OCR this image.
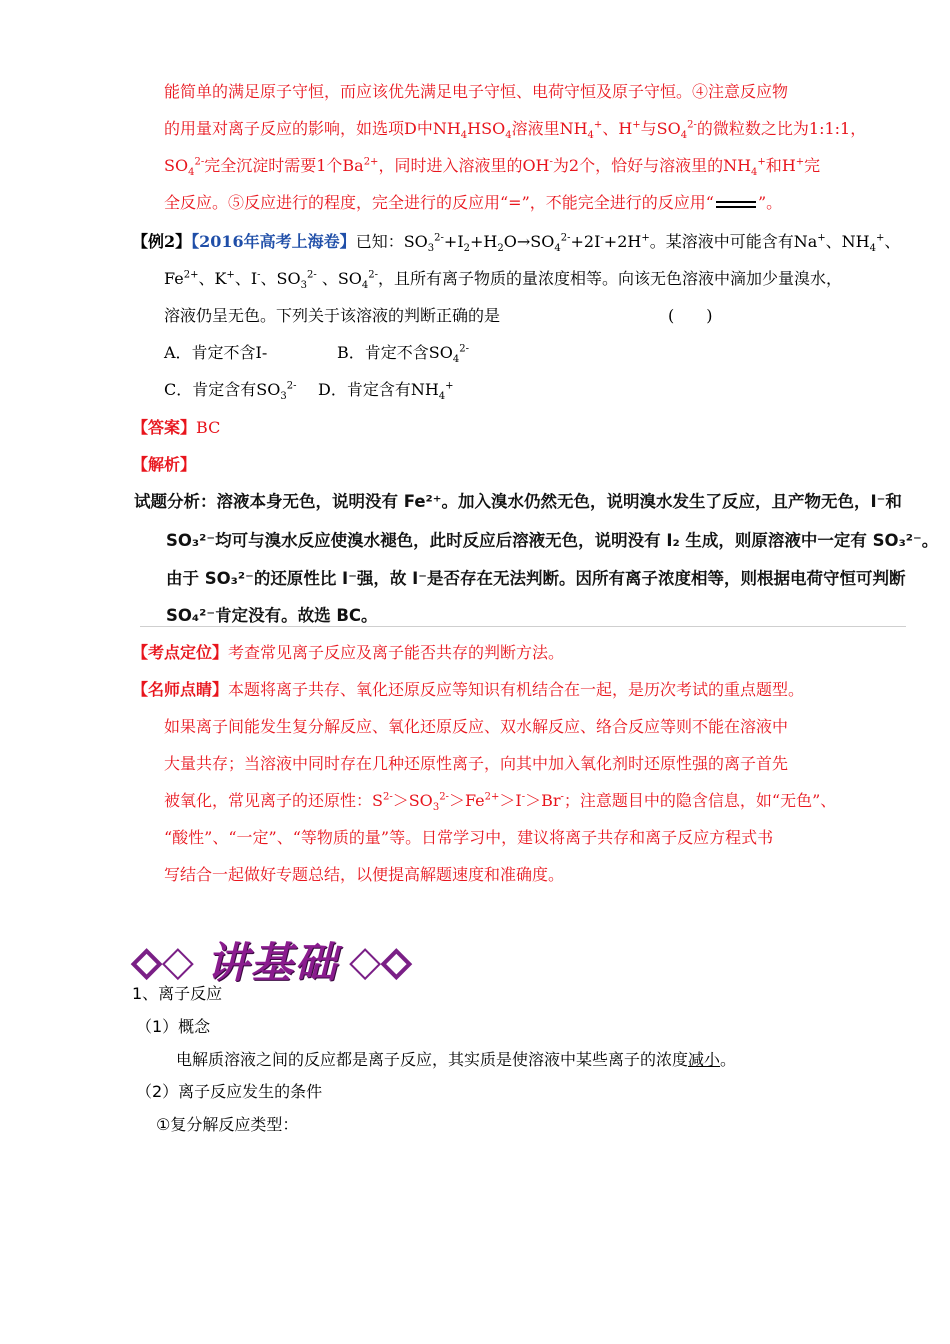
能简单的满足原子守恒，而应该优先满足电子守恒、电荷守恒及原子守恒。④注意反应物
的用量对离子反应的影响，如选项D中$NH_4HSO_4$溶液里$NH_4^+$、H+与$SO_4^{2-}$的微粒数之比为1:1:1，
$SO_4^{2-}$完全沉淀时需要1个$Ba^{2+}$，同时进入溶液里的OH-为2个，恰好与溶液里的$NH_4^+$和H+完
全反应。⑤反应进行的程度，完全进行的反应用“=”，不能完全进行的反应用“	”。
【例2】【2016年高考上海卷】已知：$SO_3^{2-}+I_2+H_2O\to SO_4^{2-}+2I^-+2H^+$。某溶液中可能含有Na+、$NH_4^+$、
$Fe^{2+}$、K+、I-、$SO_3^{2-}$ 、$SO_4^{2-}$，且所有离子物质的量浓度相等。向该无色溶液中滴加少量溴水，
溶液仍呈无色。下列关于该溶液的判断正确的是	(　　)
A．肯定不含I-	B．肯定不含$SO_4^{2-}$
C．肯定含有$SO_3^{2-}$ D．肯定含有$NH_4^+$
【答案】BC
【解析】
试题分析：溶液本身无色，说明没有 Fe²⁺。加入溴水仍然无色，说明溴水发生了反应，且产物无色，I⁻和
SO₃²⁻均可与溴水反应使溴水褪色，此时反应后溶液无色，说明没有 I₂ 生成，则原溶液中一定有 SO₃²⁻。
由于 SO₃²⁻的还原性比 I⁻强，故 I⁻是否存在无法判断。因所有离子浓度相等，则根据电荷守恒可判断
SO₄²⁻肯定没有。故选 BC。
【考点定位】考查常见离子反应及离子能否共存的判断方法。
【名师点睛】本题将离子共存、氧化还原反应等知识有机结合在一起，是历次考试的重点题型。
如果离子间能发生复分解反应、氧化还原反应、双水解反应、络合反应等则不能在溶液中
大量共存；当溶液中同时存在几种还原性离子，向其中加入氧化剂时还原性强的离子首先
被氧化，常见离子的还原性：$S^{2-}>SO_3^{2-}>Fe^{2+}>I^->Br^-$；注意题目中的隐含信息，如“无色”、
“酸性”、“一定”、“等物质的量”等。日常学习中，建议将离子共存和离子反应方程式书
写结合一起做好专题总结，以便提高解题速度和准确度。
◇◆ 讲基础 ◆◇
1、离子反应
（1）概念
电解质溶液之间的反应都是离子反应，其实质是使溶液中某些离子的浓度减小。
（2）离子反应发生的条件
①复分解反应类型：
